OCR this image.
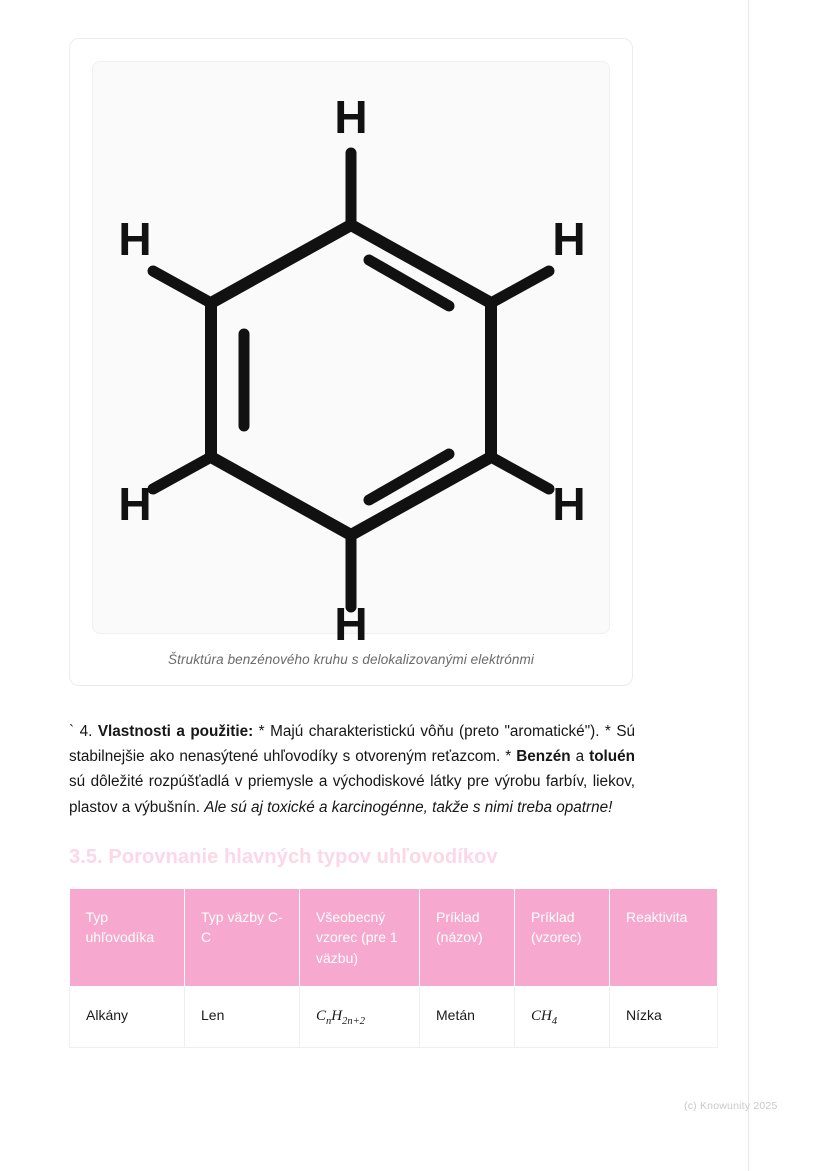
H
H
H
H
H
H
Štruktúra benzénového kruhu s delokalizovanými elektrónmi

` 4. Vlastnosti a použitie: * Majú charakteristickú vôňu (preto "aromatické"). * Sú stabilnejšie ako nenasýtené uhľovodíky s otvoreným reťazcom. * Benzén a toluén sú dôležité rozpúšťadlá v priemysle a východiskové látky pre výrobu farbív, liekov, plastov a výbušnín. Ale sú aj toxické a karcinogénne, takže s nimi treba opatrne!

3.5. Porovnanie hlavných typov uhľovodíkov
Typ uhľovodíka	Typ väzby C-C	Všeobecný vzorec (pre 1 väzbu)	Príklad (názov)	Príklad (vzorec)	Reaktivita
Alkány	Len	$C_nH_{2n+2}$	Metán	$CH_4$	Nízka
(c) Knowunity 2025
